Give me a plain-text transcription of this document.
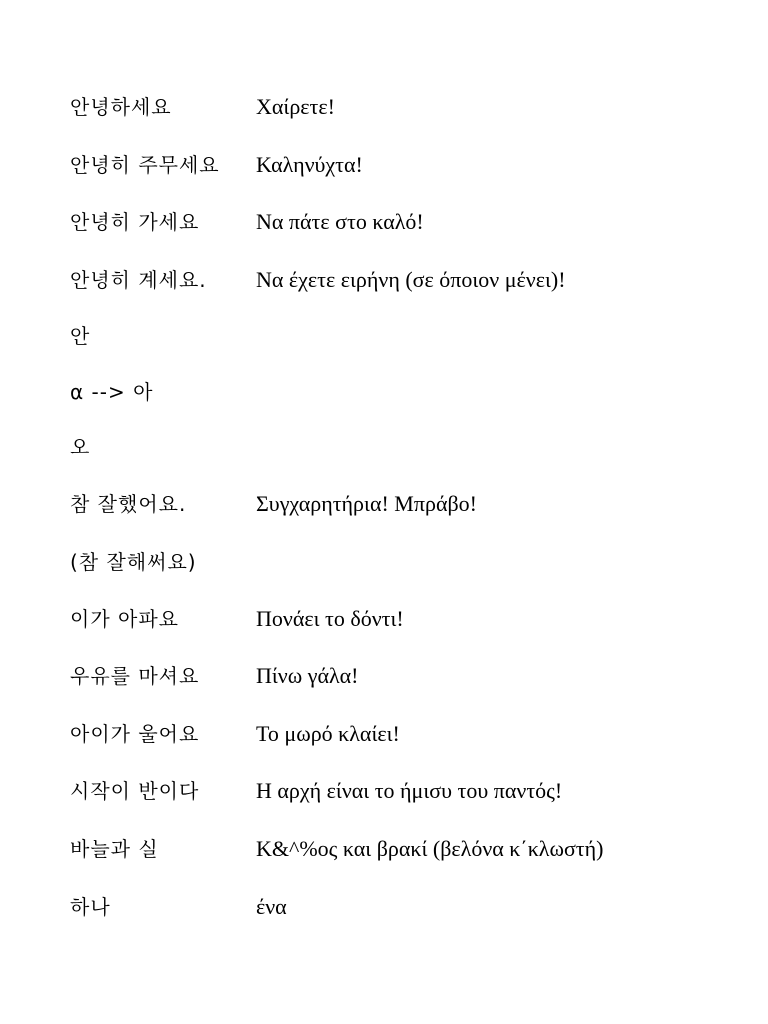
안녕하세요	Χαίρετε!
안녕히 주무세요 Καληνύχτα!
안녕히 가세요	Να πάτε στο καλό!
안녕히 계세요. Να έχετε ειρήνη (σε όποιον μένει)!
안
α --> 아
오
참 잘했어요.	Συγχαρητήρια! Μπράβο!
(참 잘해써요)
이가 아파요	Πονάει το δόντι!
우유를 마셔요	Πίνω γάλα!
아이가 울어요	Το μωρό κλαίει!
시작이 반이다	Η αρχή είναι το ήμισυ του παντός!
바늘과 실	Κ&^%ος και βρακί (βελόνα κ΄κλωστή)
하나	ένα
